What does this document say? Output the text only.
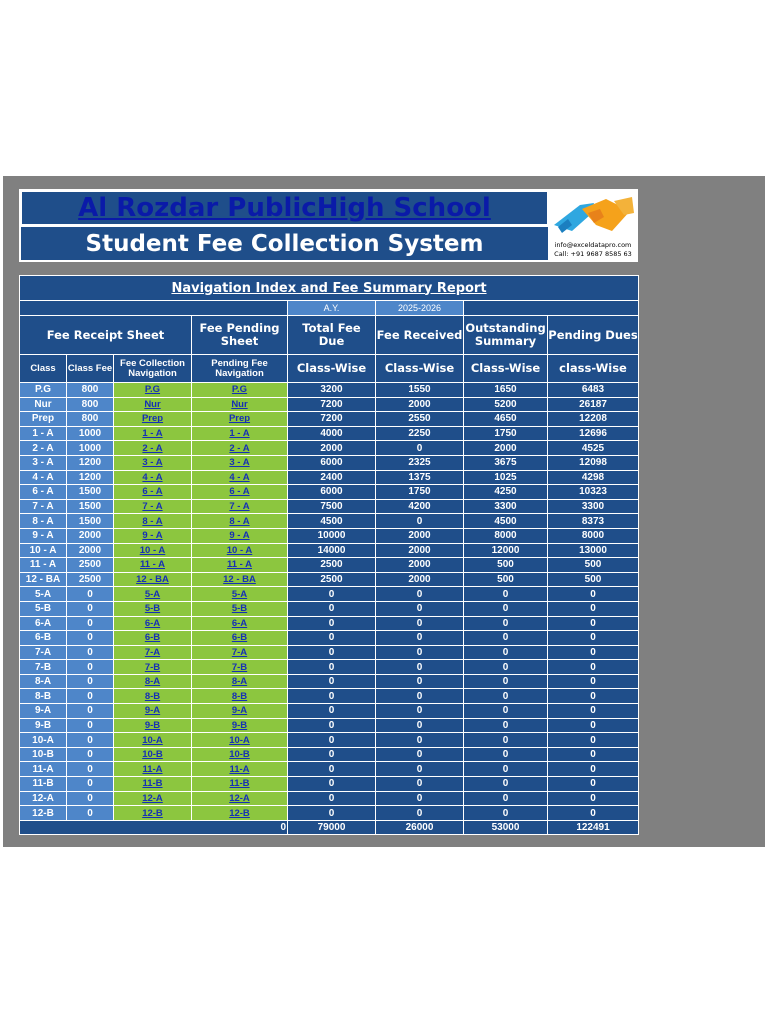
Al Rozdar PublicHigh School
Student Fee Collection System	info@exceldatapro.com
Call: +91 9687 8585 63
Navigation Index and Fee Summary Report							
				A.Y.	2025-2026		
Fee Receipt Sheet			Fee Pending Sheet	Total Fee Due	Fee Received	Outstanding Summary	Pending Dues
Class	Class Fee	Fee Collection Navigation	Pending Fee Navigation	Class-Wise	Class-Wise	Class-Wise	class-Wise
P.G	800	P.G	P.G	3200	1550	1650	6483
Nur	800	Nur	Nur	7200	2000	5200	26187
Prep	800	Prep	Prep	7200	2550	4650	12208
1 - A	1000	1 - A	1 - A	4000	2250	1750	12696
2 - A	1000	2 - A	2 - A	2000	0	2000	4525
3 - A	1200	3 - A	3 - A	6000	2325	3675	12098
4 - A	1200	4 - A	4 - A	2400	1375	1025	4298
6 - A	1500	6 - A	6 - A	6000	1750	4250	10323
7 - A	1500	7 - A	7 - A	7500	4200	3300	3300
8 - A	1500	8 - A	8 - A	4500	0	4500	8373
9 - A	2000	9 - A	9 - A	10000	2000	8000	8000
10 - A	2000	10 - A	10 - A	14000	2000	12000	13000
11 - A	2500	11 - A	11 - A	2500	2000	500	500
12 - BA	2500	12 - BA	12 - BA	2500	2000	500	500
5-A	0	5-A	5-A	0	0	0	0
5-B	0	5-B	5-B	0	0	0	0
6-A	0	6-A	6-A	0	0	0	0
6-B	0	6-B	6-B	0	0	0	0
7-A	0	7-A	7-A	0	0	0	0
7-B	0	7-B	7-B	0	0	0	0
8-A	0	8-A	8-A	0	0	0	0
8-B	0	8-B	8-B	0	0	0	0
9-A	0	9-A	9-A	0	0	0	0
9-B	0	9-B	9-B	0	0	0	0
10-A	0	10-A	10-A	0	0	0	0
10-B	0	10-B	10-B	0	0	0	0
11-A	0	11-A	11-A	0	0	0	0
11-B	0	11-B	11-B	0	0	0	0
12-A	0	12-A	12-A	0	0	0	0
12-B	0	12-B	12-B	0	0	0	0
0				79000	26000	53000	122491
